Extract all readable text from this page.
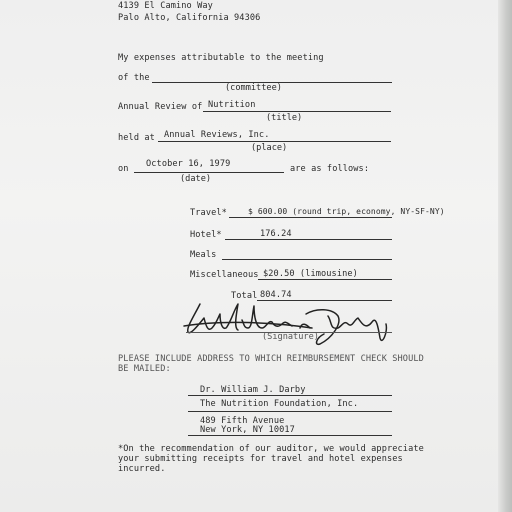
4139 El Camino Way
Palo Alto, California 94306
My expenses attributable to the meeting
of the
(committee)
Annual Review of Nutrition
(title)
held at Annual Reviews, Inc.
(place)
on October 16, 1979
(date)
are as follows:
Travel*	$ 600.00 (round trip, economy, NY-SF-NY)
Hotel*	176.24
Meals
Miscellaneous $20.50 (limousine)
Total 804.74
(Signature)
PLEASE INCLUDE ADDRESS TO WHICH REIMBURSEMENT CHECK SHOULD
BE MAILED:
Dr. William J. Darby
The Nutrition Foundation, Inc.
489 Fifth Avenue
New York, NY 10017
*On the recommendation of our auditor, we would appreciate
your submitting receipts for travel and hotel expenses
incurred.
